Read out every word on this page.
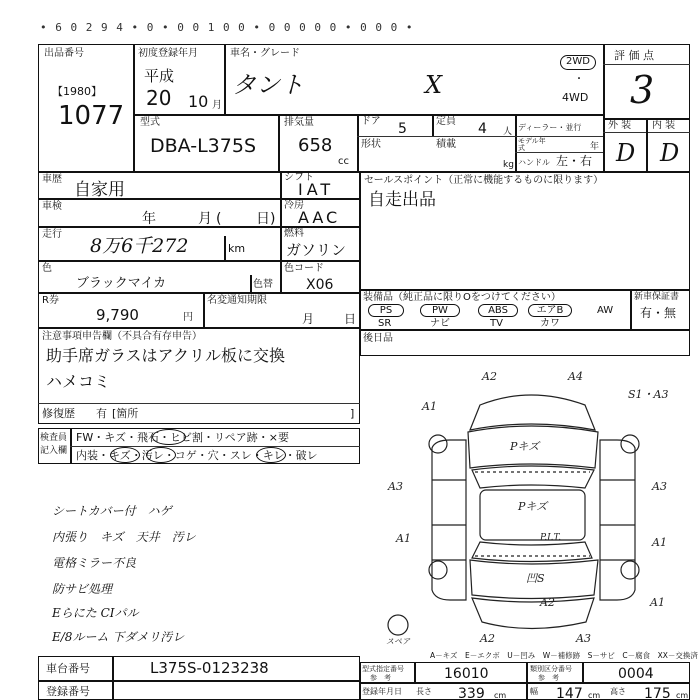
• 6 0 2 9 4 • 0 • 0 0 1 0 0 • 0 0 0 0 0 • 0 0 0 •
出品番号
【1980】
1077
初度登録年月
平成
20 10 月
車名・グレード
タント	X
2WD
・
4WD
評 価 点
3
外 装 内 装
D D
型式
DBA-L375S
排気量
658
cc
ドア 5	定員 4 人
形状	積載
kg
ディーラー・並行
モデル年式	年
ハンドル 左・右
車歴
自家用
シフト
IAT
車検
年	月 ( 日)
冷房
AAC
走行
8万6千272	km
燃料
ガソリン
色
ブラックマイカ	色替
色コード
X06
R券
9,790	円
名変通知期限
月 日
注意事項申告欄（不具合有存申告）
助手席ガラスはアクリル板に交換
ハメコミ
修復歴 有 [箇所	]
セールスポイント（正常に機能するものに限ります）
自走出品
装備品（純正品に限りOをつけてください）
PS	PW	ABS	エアB	AW
SR	ナビ	TV	カワ
新車保証書
有・無
後日品
検査員
記入欄
FW・キズ・飛石・ヒビ割・リペア跡・×要
内装・キズ・汚レ・コゲ・穴・スレ・キレ・破レ
シートカバー付　ハゲ
内張り　キズ　天井　汚レ
電格ミラー不良
防サビ処理
Eらにた CIパル
E/8ルーム 下ダメリ汚レ
A2	A4
S1・A3
A1
Pキズ
A3	A3
Pキズ
A1	A1
P.I.T.
凹S
A2	A1
A2	A3
スペア
A－キズ　E－エクボ　U－凹み　W－補修跡　S－サビ　C－腐食　XX－交換済
車台番号	L375S-0123238
登録番号
型式指定番号
参　考	16010	類別区分番号
参　考	0004
登録年月日 長さ 339 cm	幅 147 cm 高さ 175 cm
